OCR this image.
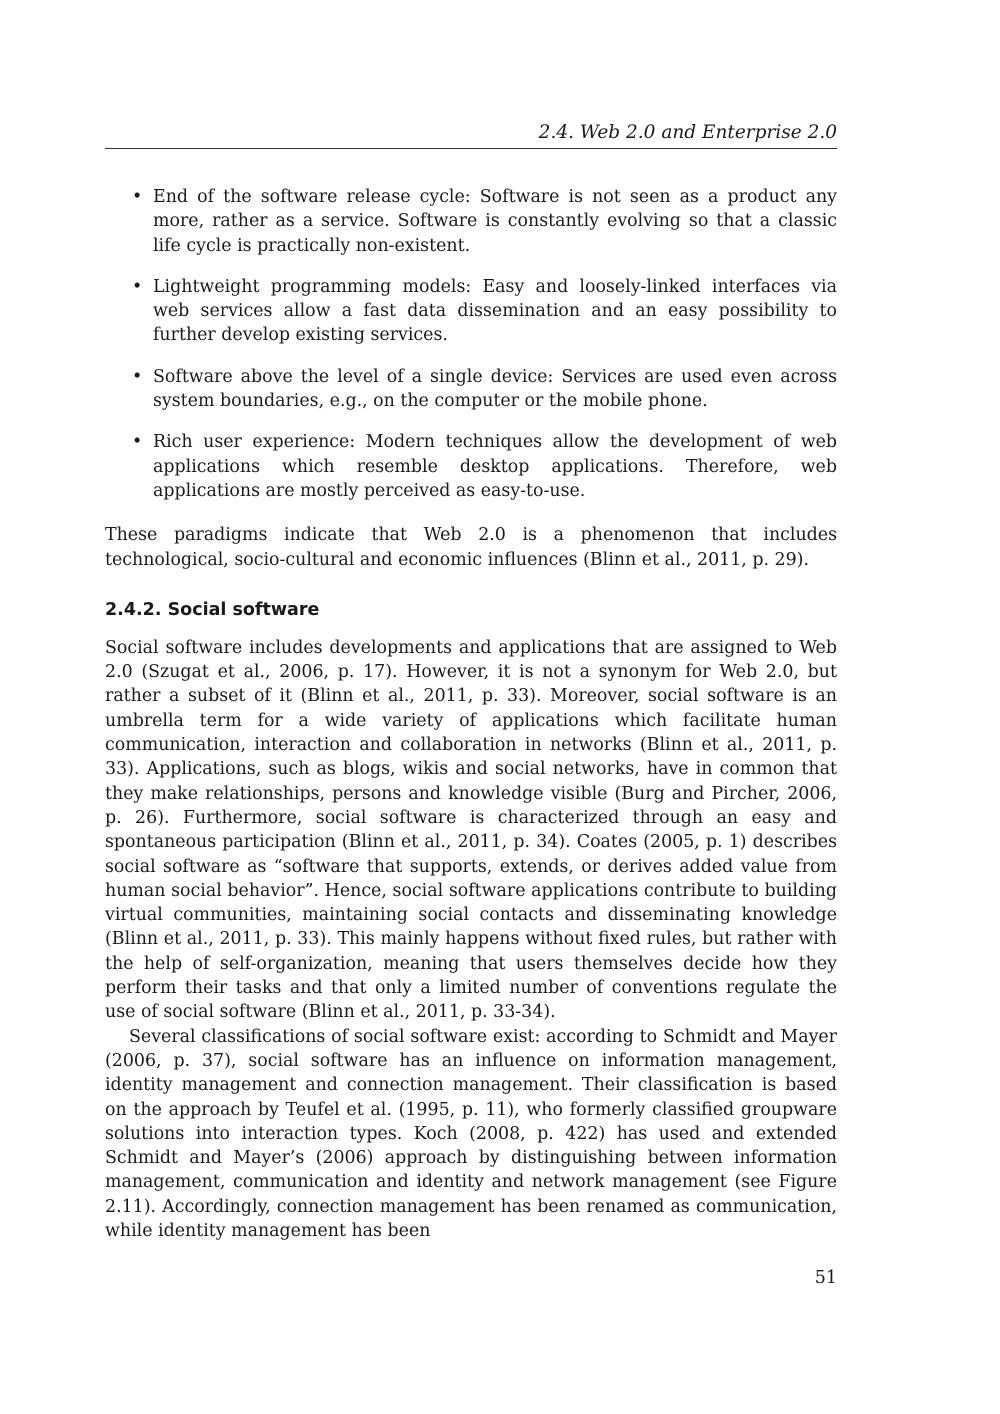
2.4. Web 2.0 and Enterprise 2.0
• End of the software release cycle: Software is not seen as a product any more, rather as a service. Software is constantly evolving so that a classic life cycle is practically non-existent.
• Lightweight programming models: Easy and loosely-linked interfaces via web services allow a fast data dissemination and an easy possibility to further develop existing services.
• Software above the level of a single device: Services are used even across system boundaries, e.g., on the computer or the mobile phone.
• Rich user experience: Modern techniques allow the development of web applications which resemble desktop applications. Therefore, web applications are mostly perceived as easy-to-use.

These paradigms indicate that Web 2.0 is a phenomenon that includes technological, socio-cultural and economic influences (Blinn et al., 2011, p. 29).

2.4.2. Social software

Social software includes developments and applications that are assigned to Web 2.0 (Szugat et al., 2006, p. 17). However, it is not a synonym for Web 2.0, but rather a subset of it (Blinn et al., 2011, p. 33). Moreover, social software is an umbrella term for a wide variety of applications which facilitate human communication, interaction and collaboration in networks (Blinn et al., 2011, p. 33). Applications, such as blogs, wikis and social networks, have in common that they make relationships, persons and knowledge visible (Burg and Pircher, 2006, p. 26). Furthermore, social software is characterized through an easy and spontaneous participation (Blinn et al., 2011, p. 34). Coates (2005, p. 1) describes social software as “software that supports, extends, or derives added value from human social behavior”. Hence, social software applications contribute to building virtual communities, maintaining social contacts and disseminating knowledge (Blinn et al., 2011, p. 33). This mainly happens without fixed rules, but rather with the help of self-organization, meaning that users themselves decide how they perform their tasks and that only a limited number of conventions regulate the use of social software (Blinn et al., 2011, p. 33-34).

Several classifications of social software exist: according to Schmidt and Mayer (2006, p. 37), social software has an influence on information management, identity management and connection management. Their classification is based on the approach by Teufel et al. (1995, p. 11), who formerly classified groupware solutions into interaction types. Koch (2008, p. 422) has used and extended Schmidt and Mayer’s (2006) approach by distinguishing between information management, communication and identity and network management (see Figure 2.11). Accordingly, connection management has been renamed as communication, while identity management has been

51
